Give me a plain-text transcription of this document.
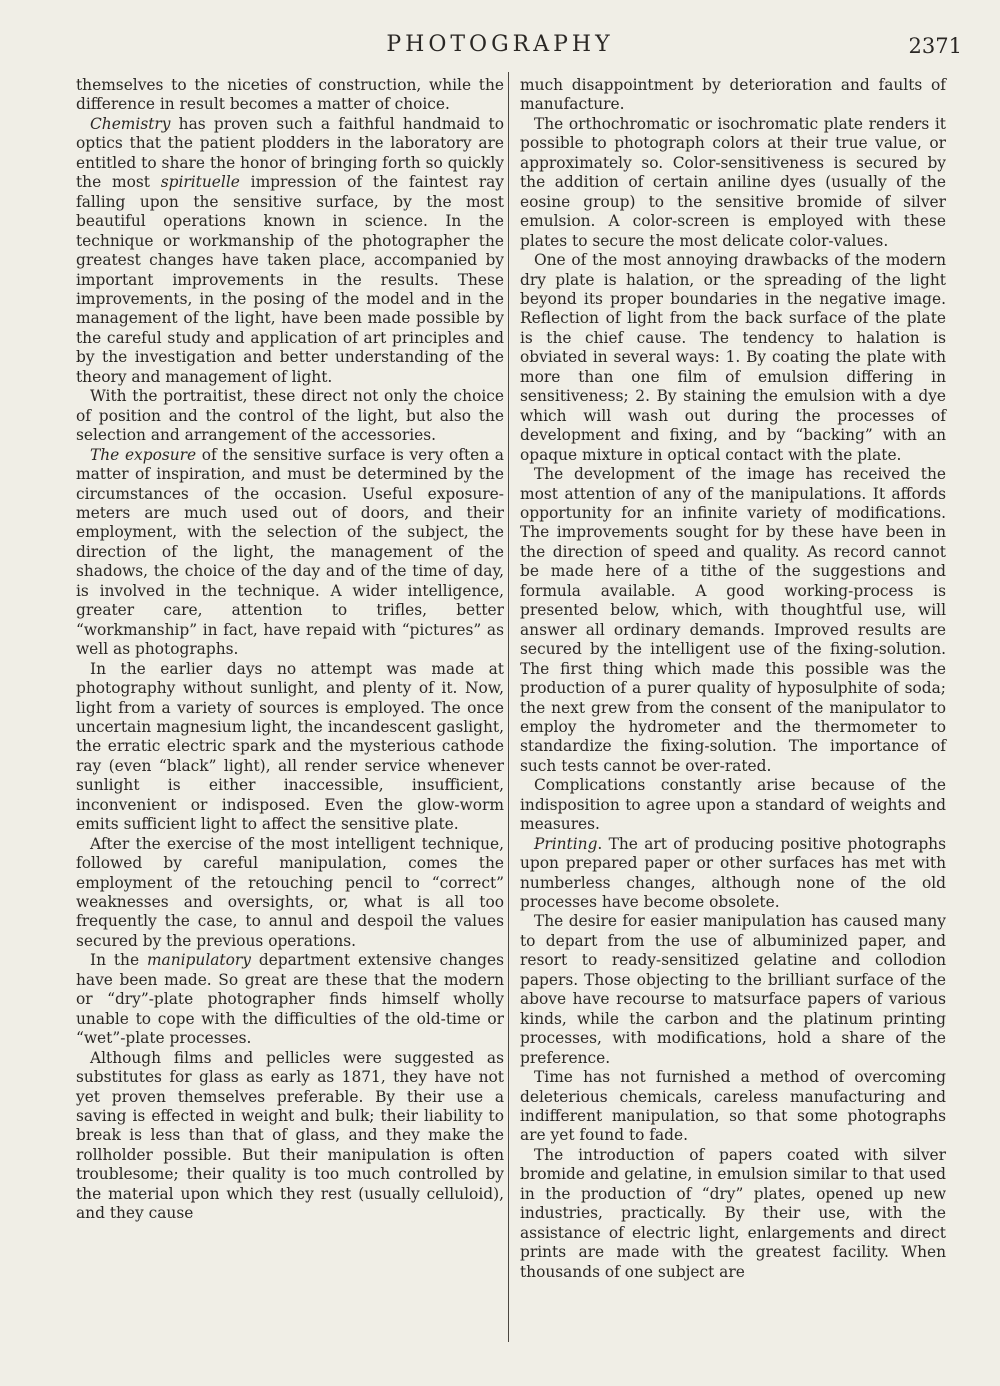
PHOTOGRAPHY	2371

themselves to the niceties of construction, while the difference in result becomes a matter of choice.

Chemistry has proven such a faithful handmaid to optics that the patient plodders in the laboratory are entitled to share the honor of bringing forth so quickly the most spirituelle impression of the faintest ray falling upon the sensitive surface, by the most beautiful operations known in science. In the technique or workmanship of the photographer the greatest changes have taken place, accompanied by important improvements in the results. These improvements, in the posing of the model and in the management of the light, have been made possible by the careful study and application of art principles and by the investigation and better understanding of the theory and management of light.

With the portraitist, these direct not only the choice of position and the control of the light, but also the selection and arrangement of the accessories.

The exposure of the sensitive surface is very often a matter of inspiration, and must be determined by the circumstances of the occasion. Useful exposure-meters are much used out of doors, and their employment, with the selection of the subject, the direction of the light, the management of the shadows, the choice of the day and of the time of day, is involved in the technique. A wider intelligence, greater care, attention to trifles, better “workmanship” in fact, have repaid with “pictures” as well as photographs.

In the earlier days no attempt was made at photography without sunlight, and plenty of it. Now, light from a variety of sources is employed. The once uncertain magnesium light, the incandescent gaslight, the erratic electric spark and the mysterious cathode ray (even “black” light), all render service whenever sunlight is either inaccessible, insufficient, inconvenient or indisposed. Even the glow-worm emits sufficient light to affect the sensitive plate.

After the exercise of the most intelligent technique, followed by careful manipulation, comes the employment of the retouching pencil to “correct” weaknesses and oversights, or, what is all too frequently the case, to annul and despoil the values secured by the previous operations.

In the manipulatory department extensive changes have been made. So great are these that the modern or “dry”-plate photographer finds himself wholly unable to cope with the difficulties of the old-time or “wet”-plate processes.

Although films and pellicles were suggested as substitutes for glass as early as 1871, they have not yet proven themselves preferable. By their use a saving is effected in weight and bulk; their liability to break is less than that of glass, and they make the rollholder possible. But their manipulation is often troublesome; their quality is too much controlled by the material upon which they rest (usually celluloid), and they cause

much disappointment by deterioration and faults of manufacture.

The orthochromatic or isochromatic plate renders it possible to photograph colors at their true value, or approximately so. Color-sensitiveness is secured by the addition of certain aniline dyes (usually of the eosine group) to the sensitive bromide of silver emulsion. A color-screen is employed with these plates to secure the most delicate color-values.

One of the most annoying drawbacks of the modern dry plate is halation, or the spreading of the light beyond its proper boundaries in the negative image. Reflection of light from the back surface of the plate is the chief cause. The tendency to halation is obviated in several ways: 1. By coating the plate with more than one film of emulsion differing in sensitiveness; 2. By staining the emulsion with a dye which will wash out during the processes of development and fixing, and by “backing” with an opaque mixture in optical contact with the plate.

The development of the image has received the most attention of any of the manipulations. It affords opportunity for an infinite variety of modifications. The improvements sought for by these have been in the direction of speed and quality. As record cannot be made here of a tithe of the suggestions and formula available. A good working-process is presented below, which, with thoughtful use, will answer all ordinary demands. Improved results are secured by the intelligent use of the fixing-solution. The first thing which made this possible was the production of a purer quality of hyposulphite of soda; the next grew from the consent of the manipulator to employ the hydrometer and the thermometer to standardize the fixing-solution. The importance of such tests cannot be over-rated.

Complications constantly arise because of the indisposition to agree upon a standard of weights and measures.

Printing. The art of producing positive photographs upon prepared paper or other surfaces has met with numberless changes, although none of the old processes have become obsolete.

The desire for easier manipulation has caused many to depart from the use of albuminized paper, and resort to ready-sensitized gelatine and collodion papers. Those objecting to the brilliant surface of the above have recourse to matsurface papers of various kinds, while the carbon and the platinum printing processes, with modifications, hold a share of the preference.

Time has not furnished a method of overcoming deleterious chemicals, careless manufacturing and indifferent manipulation, so that some photographs are yet found to fade.

The introduction of papers coated with silver bromide and gelatine, in emulsion similar to that used in the production of “dry” plates, opened up new industries, practically. By their use, with the assistance of electric light, enlargements and direct prints are made with the greatest facility. When thousands of one subject are
